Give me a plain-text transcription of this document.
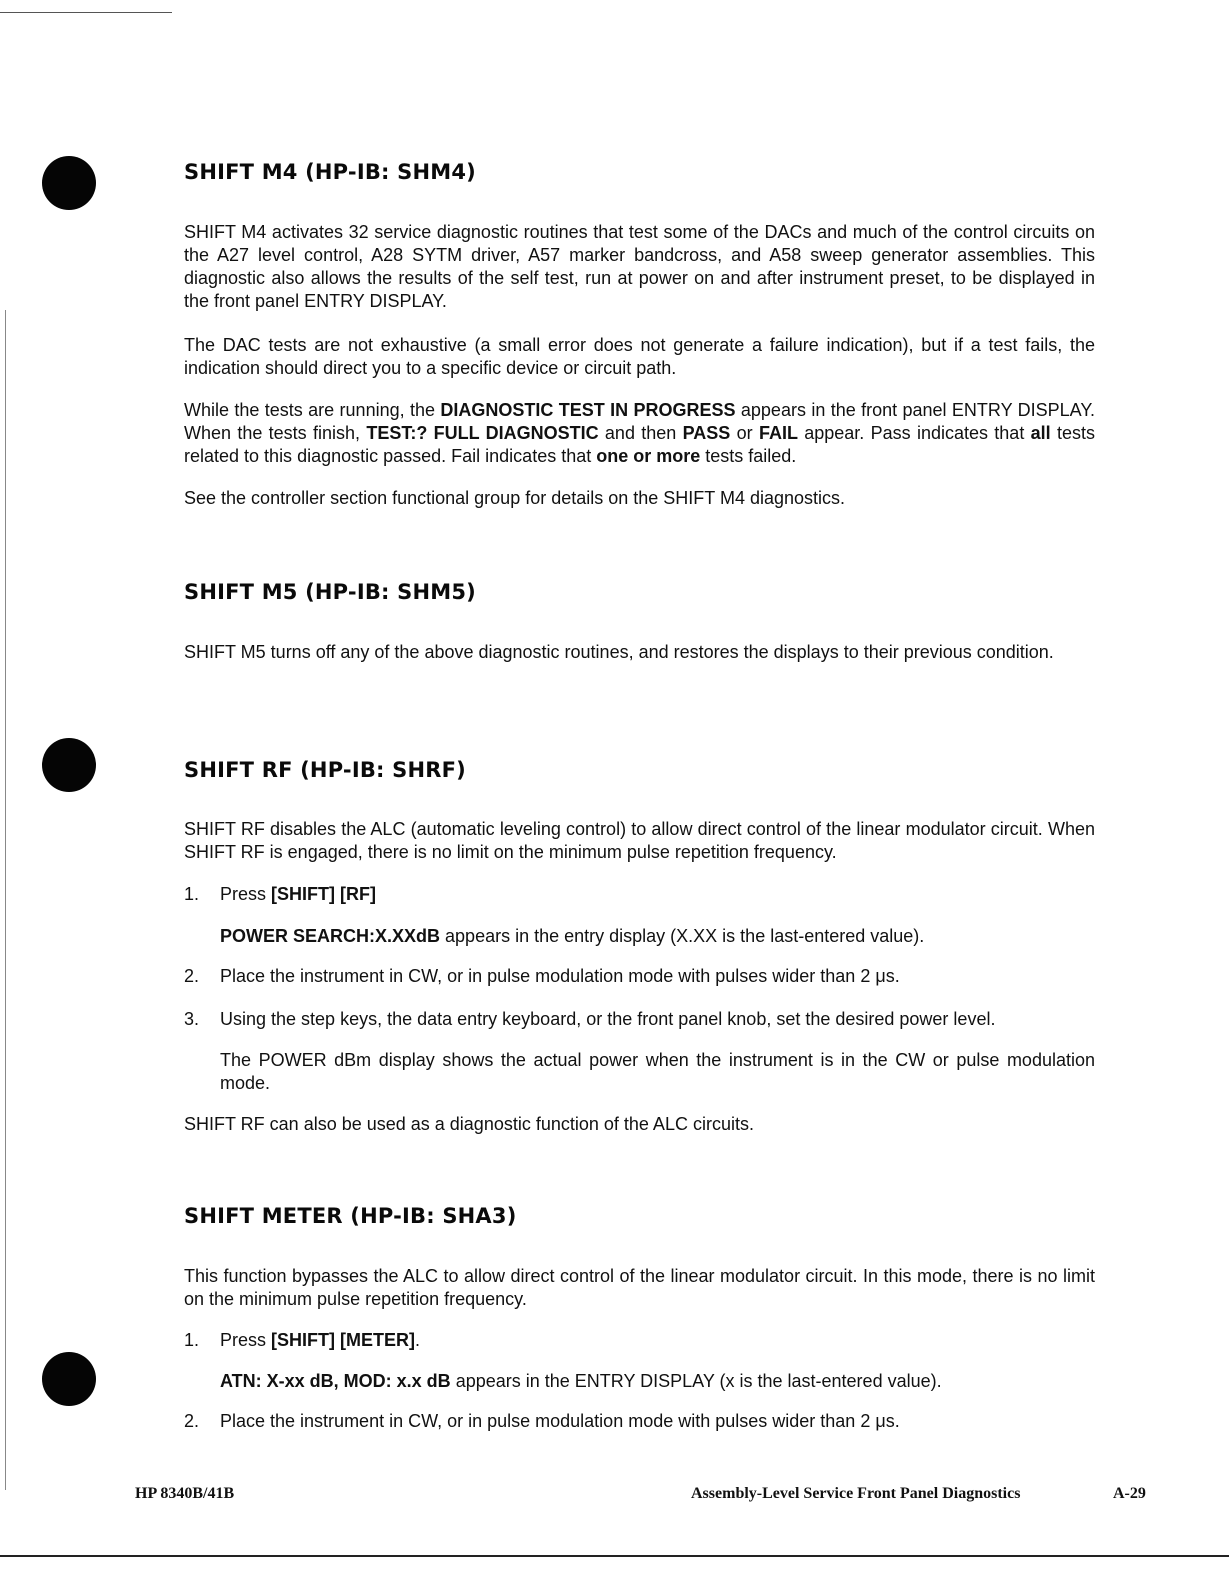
SHIFT M4 (HP-IB: SHM4)

SHIFT M4 activates 32 service diagnostic routines that test some of the DACs and much of the control circuits on the A27 level control, A28 SYTM driver, A57 marker bandcross, and A58 sweep generator assemblies. This diagnostic also allows the results of the self test, run at power on and after instrument preset, to be displayed in the front panel ENTRY DISPLAY.

The DAC tests are not exhaustive (a small error does not generate a failure indication), but if a test fails, the indication should direct you to a specific device or circuit path.

While the tests are running, the DIAGNOSTIC TEST IN PROGRESS appears in the front panel ENTRY DISPLAY. When the tests finish, TEST:? FULL DIAGNOSTIC and then PASS or FAIL appear. Pass indicates that all tests related to this diagnostic passed. Fail indicates that one or more tests failed.

See the controller section functional group for details on the SHIFT M4 diagnostics.

SHIFT M5 (HP-IB: SHM5)

SHIFT M5 turns off any of the above diagnostic routines, and restores the displays to their previous condition.

SHIFT RF (HP-IB: SHRF)

SHIFT RF disables the ALC (automatic leveling control) to allow direct control of the linear modulator circuit. When SHIFT RF is engaged, there is no limit on the minimum pulse repetition frequency.

1.	Press [SHIFT] [RF]

POWER SEARCH:X.XXdB appears in the entry display (X.XX is the last-entered value).

2.	Place the instrument in CW, or in pulse modulation mode with pulses wider than 2 μs.
3.	Using the step keys, the data entry keyboard, or the front panel knob, set the desired power level.

The POWER dBm display shows the actual power when the instrument is in the CW or pulse modulation mode.

SHIFT RF can also be used as a diagnostic function of the ALC circuits.

SHIFT METER (HP-IB: SHA3)

This function bypasses the ALC to allow direct control of the linear modulator circuit. In this mode, there is no limit on the minimum pulse repetition frequency.

1.	Press [SHIFT] [METER].

ATN: X-xx dB, MOD: x.x dB appears in the ENTRY DISPLAY (x is the last-entered value).

2.	Place the instrument in CW, or in pulse modulation mode with pulses wider than 2 μs.
HP 8340B/41B	Assembly-Level Service Front Panel Diagnostics	A-29
